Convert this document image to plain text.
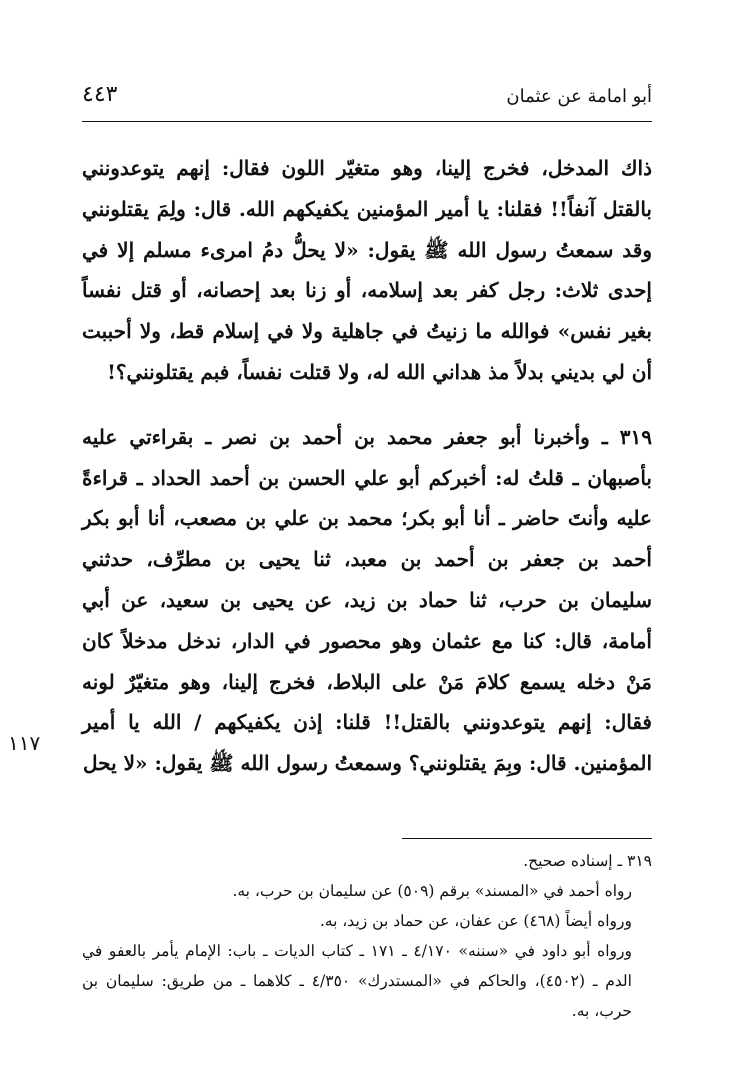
أبو امامة عن عثمان
٤٤٣

ذاك المدخل، فخرج إلينا، وهو متغيّر اللون فقال: إنهم يتوعدونني بالقتل آنفاً!! فقلنا: يا أمير المؤمنين يكفيكهم الله. قال: ولِمَ يقتلونني وقد سمعتُ رسول الله ﷺ يقول: «لا يحلُّ دمُ امرىء مسلم إلا في إحدى ثلاث: رجل كفر بعد إسلامه، أو زنا بعد إحصانه، أو قتل نفساً بغير نفس» فوالله ما زنيتُ في جاهلية ولا في إسلام قط، ولا أحببت أن لي بديني بدلاً مذ هداني الله له، ولا قتلت نفساً، فبم يقتلونني؟!

٣١٩ ـ وأخبرنا أبو جعفر محمد بن أحمد بن نصر ـ بقراءتي عليه بأصبهان ـ قلتُ له: أخبركم أبو علي الحسن بن أحمد الحداد ـ قراءةً عليه وأنتَ حاضر ـ أنا أبو بكر؛ محمد بن علي بن مصعب، أنا أبو بكر أحمد بن جعفر بن أحمد بن معبد، ثنا يحيى بن مطرِّف، حدثني سليمان بن حرب، ثنا حماد بن زيد، عن يحيى بن سعيد، عن أبي أمامة، قال: كنا مع عثمان وهو محصور في الدار، ندخل مدخلاً كان مَنْ دخله يسمع كلامَ مَنْ على البلاط، فخرج إلينا، وهو متغيّرٌ لونه فقال: إنهم يتوعدونني بالقتل!! قلنا: إذن يكفيكهم / الله يا أمير المؤمنين. قال: وبِمَ يقتلونني؟ وسمعتُ رسول الله ﷺ يقول: «لا يحل

١١٧

٣١٩ ـ إسناده صحيح.

رواه أحمد في «المسند» برقم (٥٠٩) عن سليمان بن حرب، به.

ورواه أيضاً (٤٦٨) عن عفان، عن حماد بن زيد، به.

ورواه أبو داود في «سننه» ٤/١٧٠ ـ ١٧١ ـ كتاب الديات ـ باب: الإمام يأمر بالعفو في الدم ـ (٤٥٠٢)، والحاكم في «المستدرك» ٤/٣٥٠ ـ كلاهما ـ من طريق: سليمان بن حرب، به.
